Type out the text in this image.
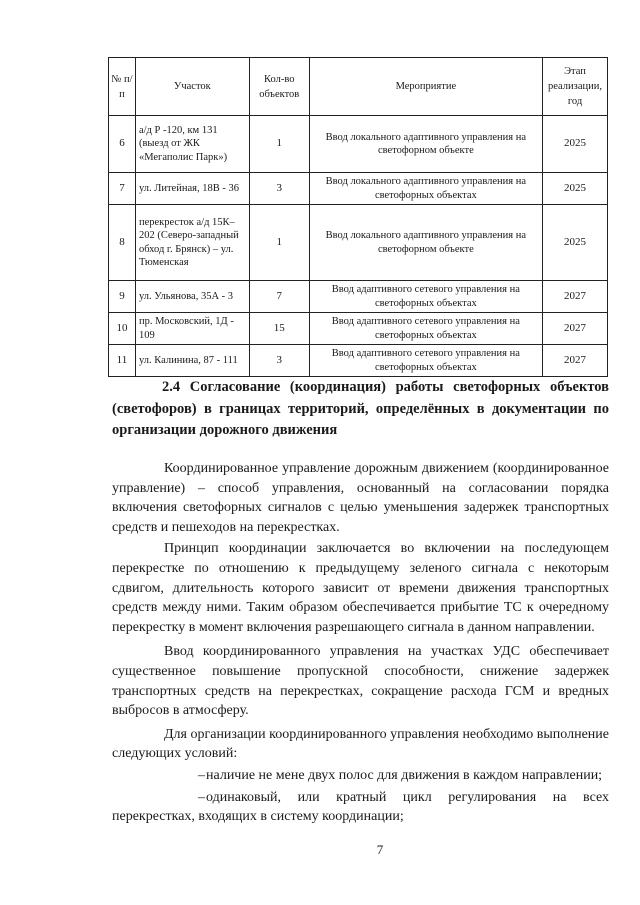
№ п/п	Участок	Кол-во объектов	Мероприятие	Этап реализации, год
6	а/д Р -120, км 131 (выезд от ЖК «Мегаполис Парк»)	1	Ввод локального адаптивного управления на светофорном объекте	2025
7	ул. Литейная, 18В - 36	3	Ввод локального адаптивного управления на светофорных объектах	2025
8	перекресток а/д 15К–202 (Северо-западный обход г. Брянск) – ул. Тюменская	1	Ввод локального адаптивного управления на светофорном объекте	2025
9	ул. Ульянова, 35А - 3	7	Ввод адаптивного сетевого управления на светофорных объектах	2027
10	пр. Московский, 1Д - 109	15	Ввод адаптивного сетевого управления на светофорных объектах	2027
11	ул. Калинина, 87 - 111	3	Ввод адаптивного сетевого управления на светофорных объектах	2027
2.4 Согласование (координация) работы светофорных объектов
(светофоров) в границах территорий, определённых в документации по организации дорожного движения

Координированное управление дорожным движением (координированное управление) – способ управления, основанный на согласовании порядка включения светофорных сигналов с целью уменьшения задержек транспортных средств и пешеходов на перекрестках.

Принцип координации заключается во включении на последующем перекрестке по отношению к предыдущему зеленого сигнала с некоторым сдвигом, длительность которого зависит от времени движения транспортных средств между ними. Таким образом обеспечивается прибытие ТС к очередному перекрестку в момент включения разрешающего сигнала в данном направлении.

Ввод координированного управления на участках УДС обеспечивает существенное повышение пропускной способности, снижение задержек транспортных средств на перекрестках, сокращение расхода ГСМ и вредных выбросов в атмосферу.

Для организации координированного управления необходимо выполнение следующих условий:

–наличие не мене двух полос для движения в каждом направлении;

–одинаковый, или кратный цикл регулирования на всех перекрестках, входящих в систему координации;

7
